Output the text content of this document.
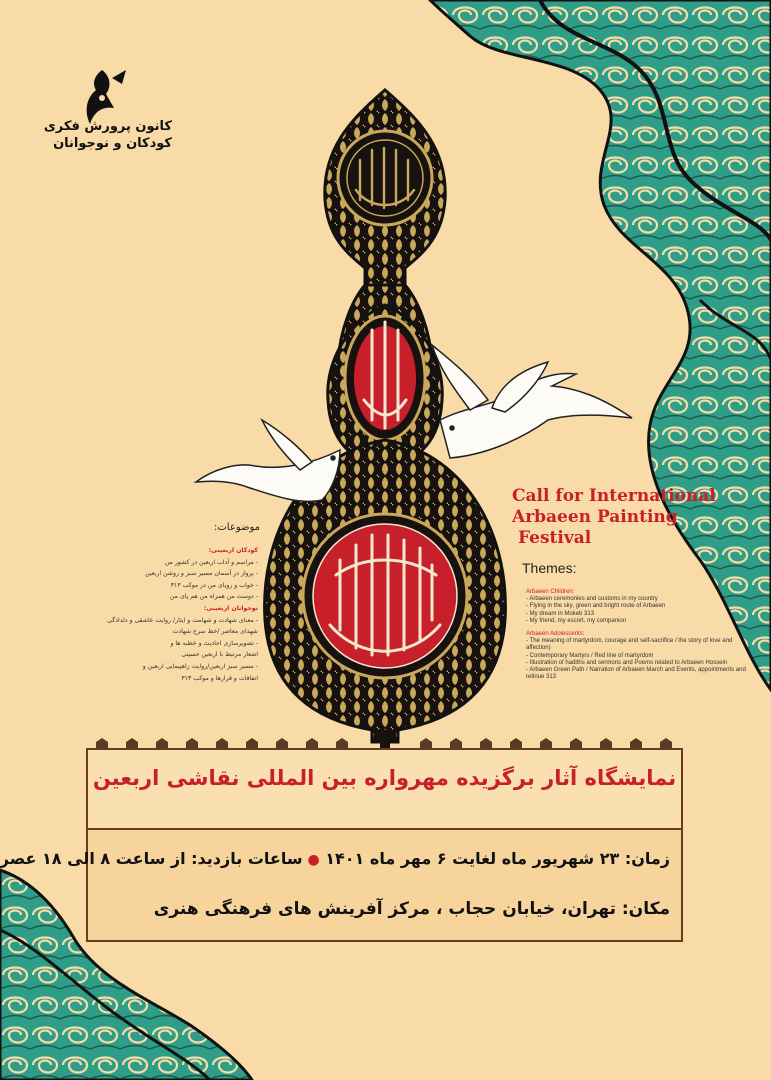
کانون پرورش فکری
کودکان و نوجوانان
Call for International
Arbaeen Painting
Festival
Themes:
Arbaeen Children:
- Arbaeen ceremonies and customs in my country
- Flying in the sky, green and bright route of Arbaeen
- My dream in Mokeb 313
- My friend, my escort, my companion
Arbaeen Adolescents:
- The meaning of martyrdom, courage and self-sacrifice / the story of love and affection)
- Contemporary Martyrs / Red line of martyrdom
- Illustration of hadiths and sermons and Poems related to Arbaeen Hossein
- Arbaeen Green Path / Narration of Arbaeen March and Events, appointments and retinue 313
موضوعات:
کودکان اربعینی:
- مراسم و آداب اربعین در کشور من
- پرواز در آسمان مسیر سبز و روشن اربعین
- خواب و رویای من در موکب ۳۱۳
- دوست من همراه من هم پای من
نوجوانان اربعینی:
- معنای شهادت و شهامت و ایثار/ روایت عاشقی و دلدادگی
شهدای معاصر /خط سرخ شهادت
- تصویرسازی احادیث و خطبه ها و
اشعار مرتبط با اربعین حسینی
- مسیر سبز اربعین/روایت راهپیمایی اربعین و
اتفاقات و قرارها و موکب ۳۱۳
نمایشگاه آثار برگزیده مهرواره بین المللی نقاشی اربعین
زمان: ۲۳ شهریور ماه لغایت ۶ مهر ماه ۱۴۰۱ ● ساعات بازدید: از ساعت ۸ الی ۱۸ عصر
مکان: تهران، خیابان حجاب ، مرکز آفرینش های فرهنگی هنری
